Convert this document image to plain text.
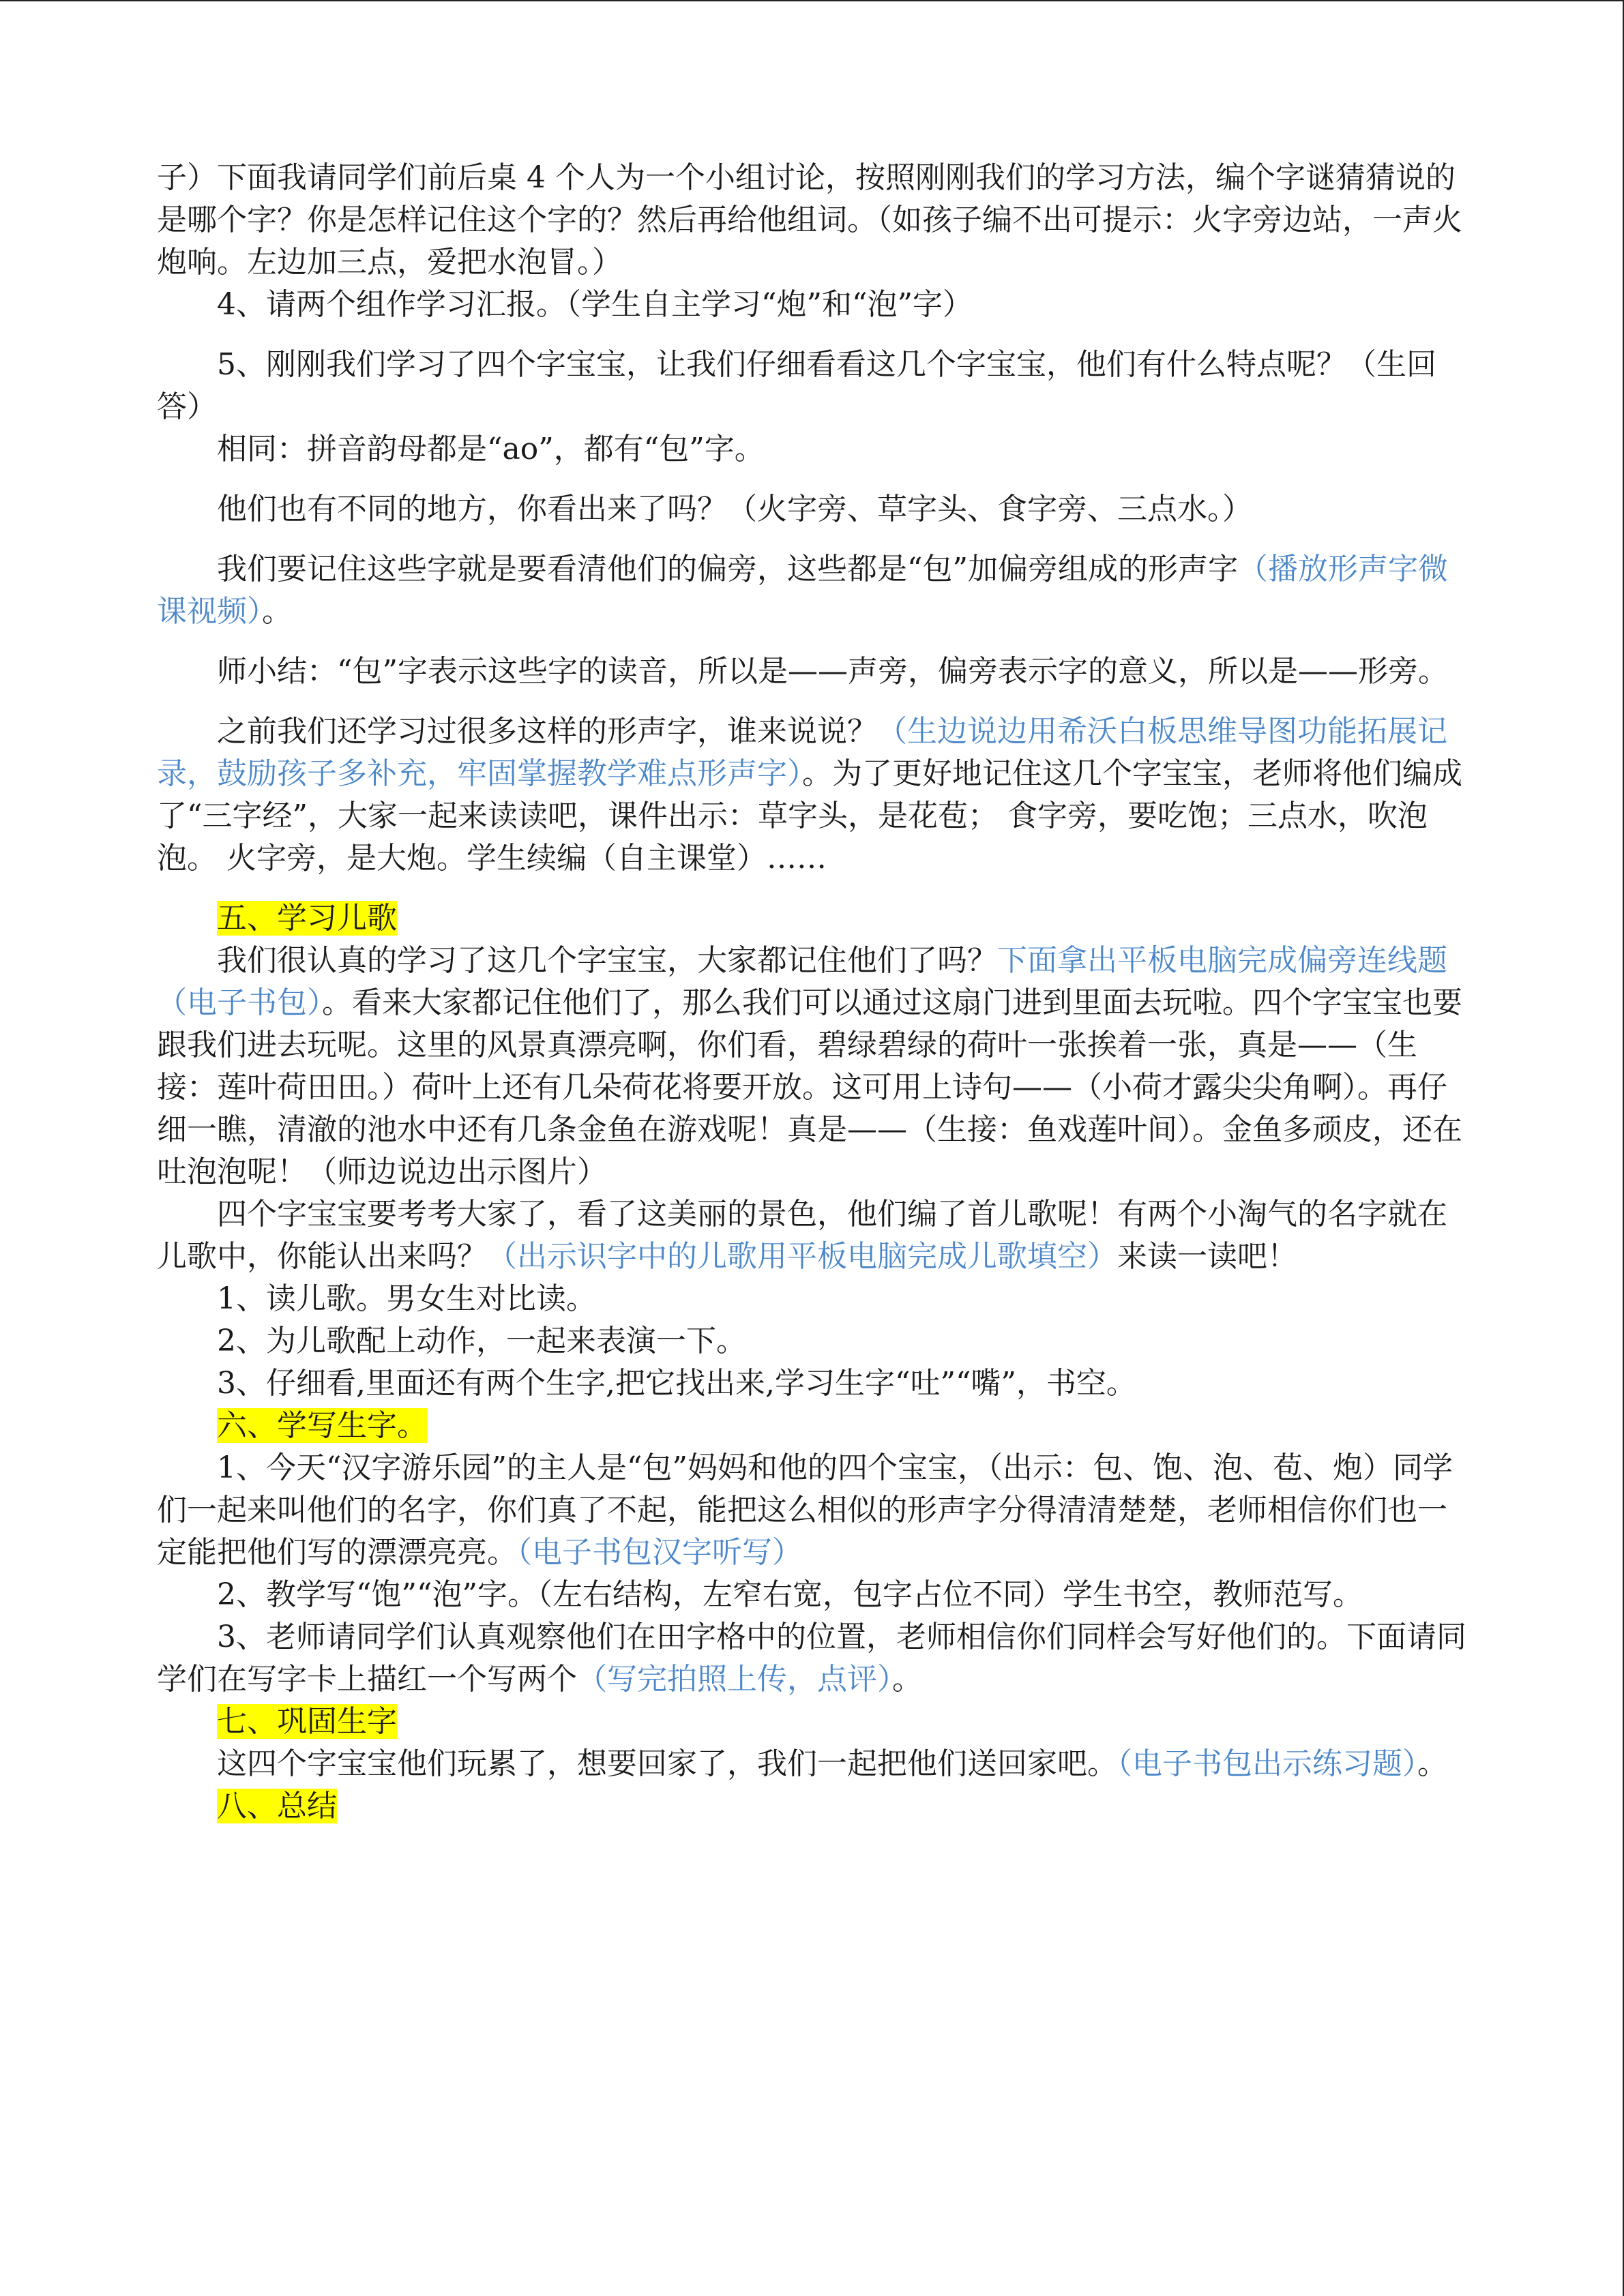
子）下面我请同学们前后桌 4 个人为一个小组讨论，按照刚刚我们的学习方法，编个字谜猜猜说的是哪个字？你是怎样记住这个字的？然后再给他组词。（如孩子编不出可提示：火字旁边站，一声火炮响。左边加三点，爱把水泡冒。）

4、请两个组作学习汇报。（学生自主学习“炮”和“泡”字）

5、刚刚我们学习了四个字宝宝，让我们仔细看看这几个字宝宝，他们有什么特点呢？（生回答）

相同：拼音韵母都是“ao”，都有“包”字。

他们也有不同的地方，你看出来了吗？（火字旁、草字头、食字旁、三点水。）

我们要记住这些字就是要看清他们的偏旁，这些都是“包”加偏旁组成的形声字（播放形声字微课视频）。

师小结：“包”字表示这些字的读音，所以是——声旁，偏旁表示字的意义，所以是——形旁。

之前我们还学习过很多这样的形声字，谁来说说？（生边说边用希沃白板思维导图功能拓展记录，鼓励孩子多补充，牢固掌握教学难点形声字）。为了更好地记住这几个字宝宝，老师将他们编成了“三字经”，大家一起来读读吧，课件出示：草字头，是花苞； 食字旁，要吃饱；三点水，吹泡泡。 火字旁，是大炮。学生续编（自主课堂）……

五、学习儿歌

我们很认真的学习了这几个字宝宝，大家都记住他们了吗？下面拿出平板电脑完成偏旁连线题（电子书包）。看来大家都记住他们了，那么我们可以通过这扇门进到里面去玩啦。四个字宝宝也要跟我们进去玩呢。这里的风景真漂亮啊，你们看，碧绿碧绿的荷叶一张挨着一张，真是——（生接：莲叶荷田田。）荷叶上还有几朵荷花将要开放。这可用上诗句——（小荷才露尖尖角啊）。再仔细一瞧，清澈的池水中还有几条金鱼在游戏呢！真是——（生接：鱼戏莲叶间）。金鱼多顽皮，还在吐泡泡呢！（师边说边出示图片）

四个字宝宝要考考大家了，看了这美丽的景色，他们编了首儿歌呢！有两个小淘气的名字就在儿歌中，你能认出来吗？（出示识字中的儿歌用平板电脑完成儿歌填空）来读一读吧！

1、读儿歌。男女生对比读。

2、为儿歌配上动作，一起来表演一下。

3、仔细看,里面还有两个生字,把它找出来,学习生字“吐”“嘴”，书空。

六、学写生字。

1、今天“汉字游乐园”的主人是“包”妈妈和他的四个宝宝，（出示：包、饱、泡、苞、炮）同学们一起来叫他们的名字，你们真了不起，能把这么相似的形声字分得清清楚楚，老师相信你们也一定能把他们写的漂漂亮亮。（电子书包汉字听写）

2、教学写“饱”“泡”字。（左右结构，左窄右宽，包字占位不同）学生书空，教师范写。

3、老师请同学们认真观察他们在田字格中的位置，老师相信你们同样会写好他们的。下面请同学们在写字卡上描红一个写两个（写完拍照上传，点评）。

七、巩固生字

这四个字宝宝他们玩累了，想要回家了，我们一起把他们送回家吧。（电子书包出示练习题）。

八、总结
